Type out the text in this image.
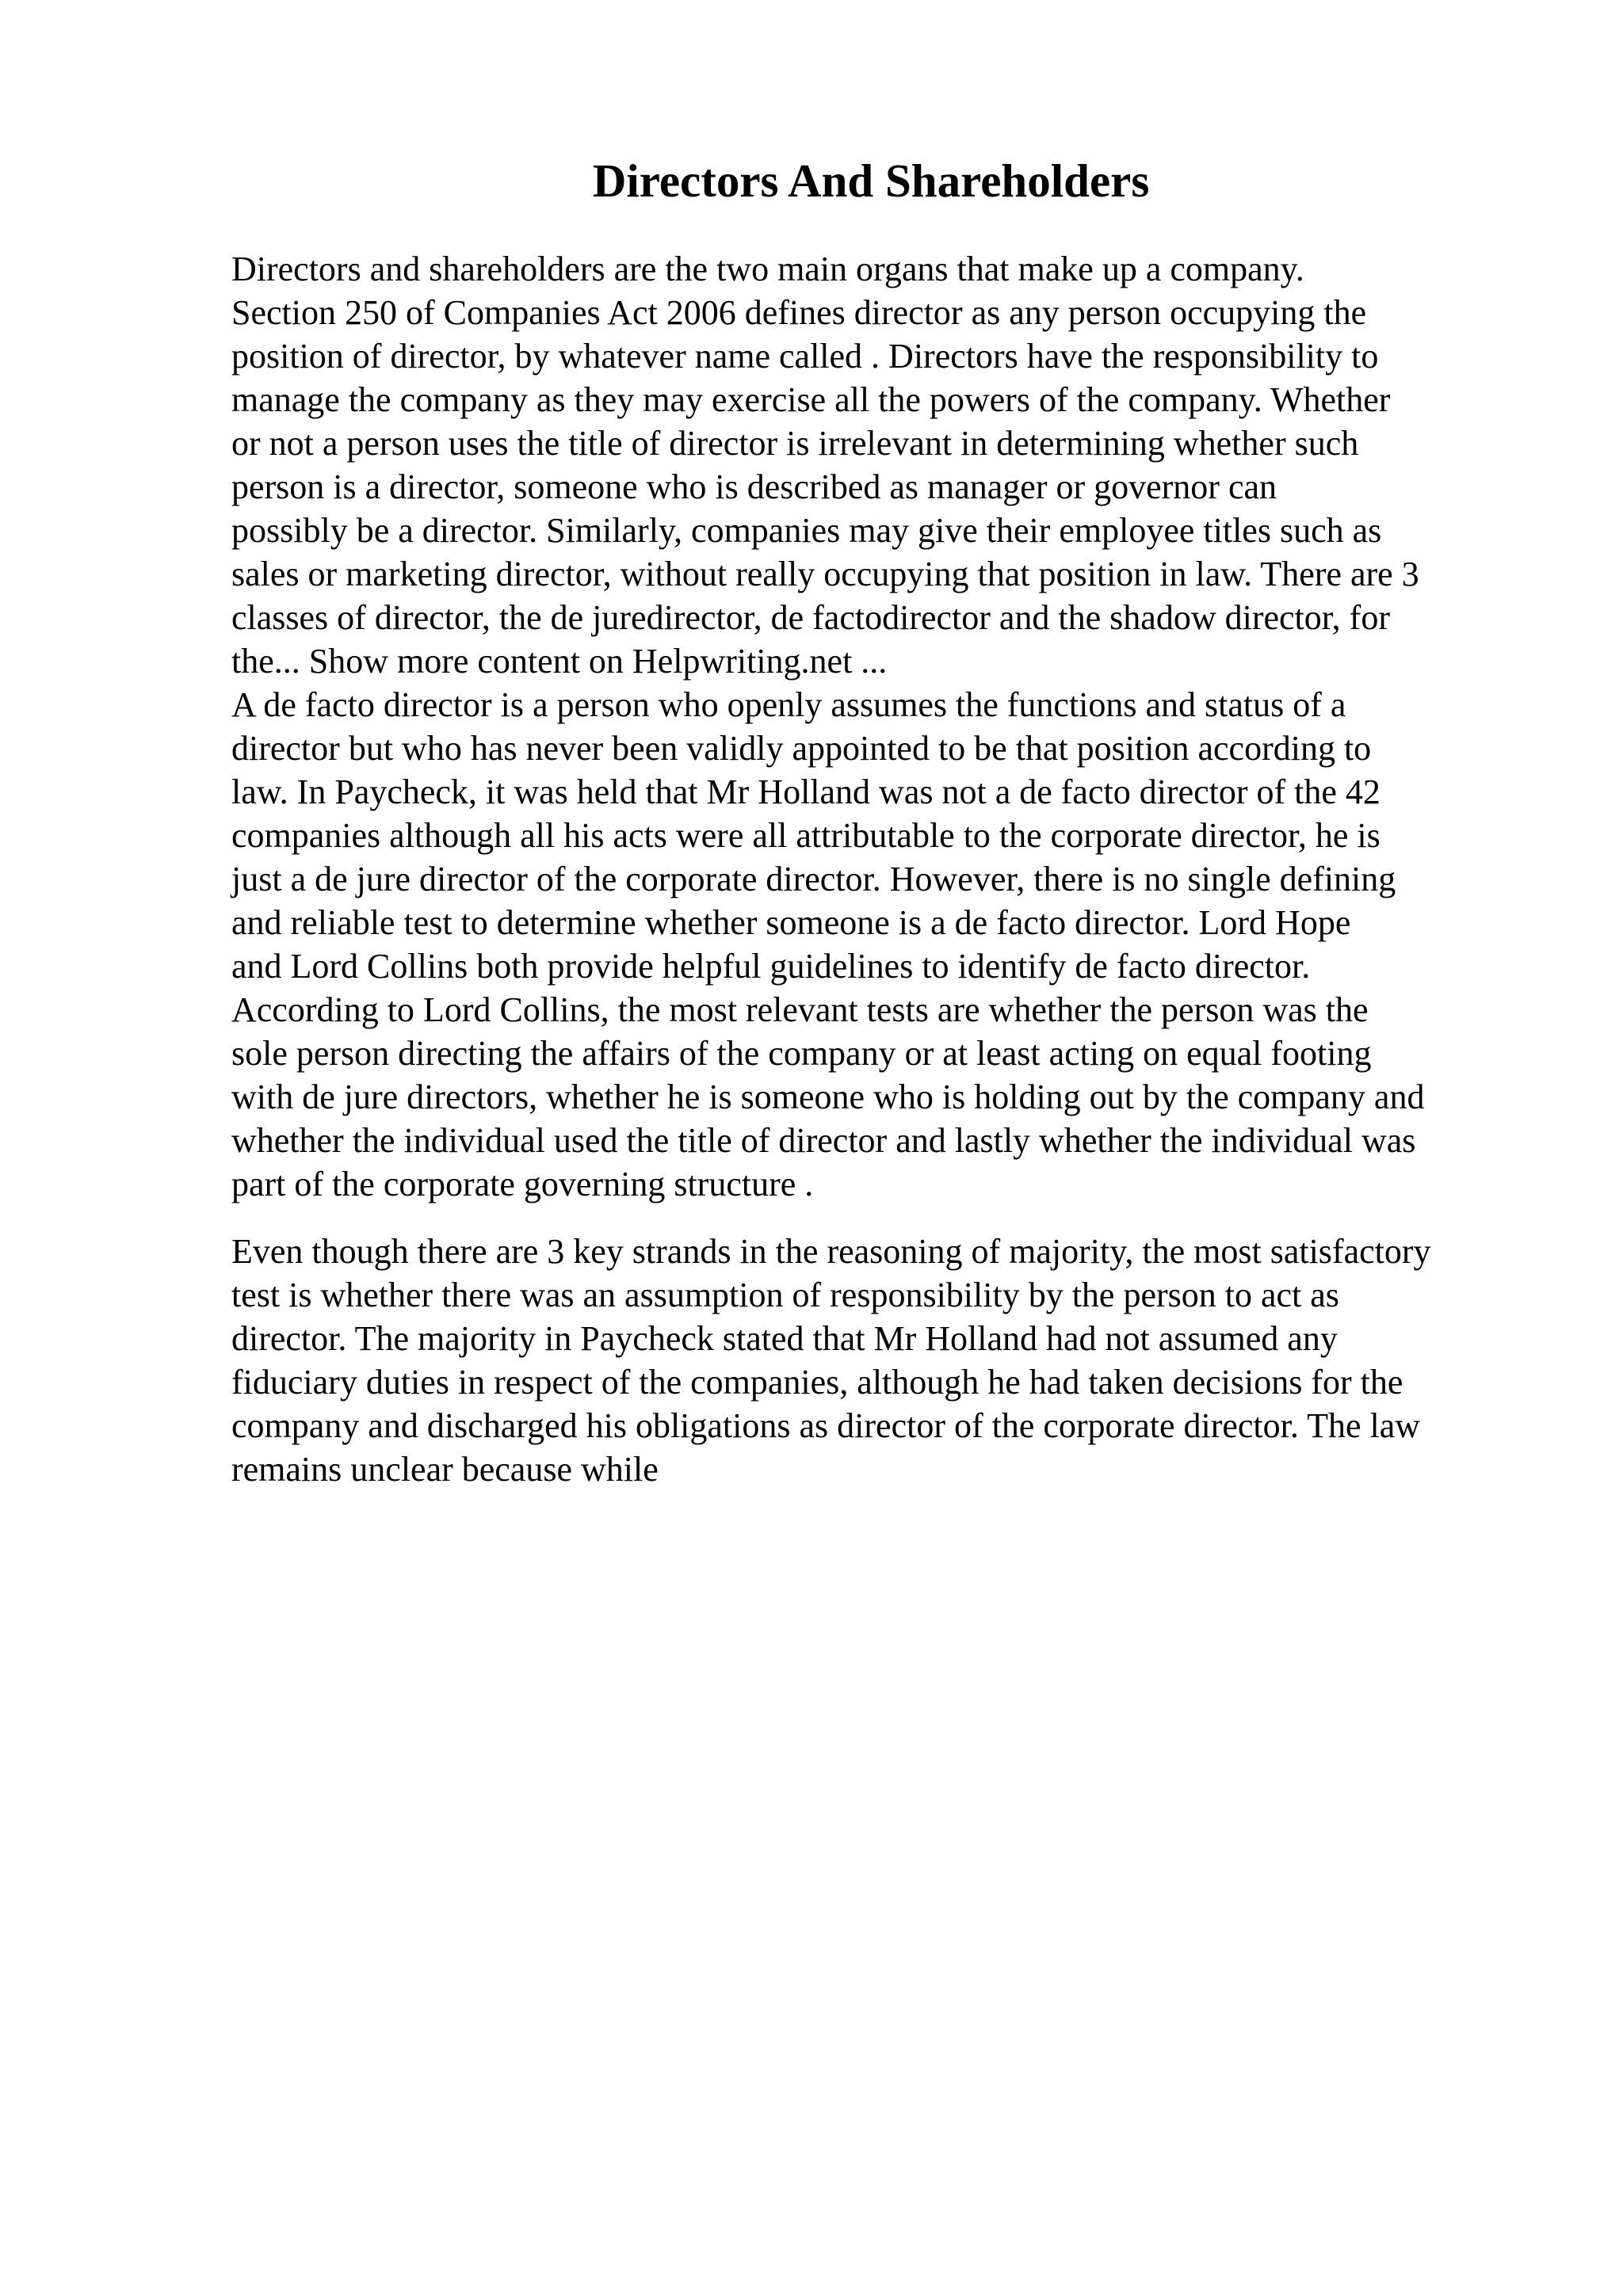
Directors And Shareholders
Directors and shareholders are the two main organs that make up a company.
Section 250 of Companies Act 2006 defines director as any person occupying the
position of director, by whatever name called . Directors have the responsibility to
manage the company as they may exercise all the powers of the company. Whether
or not a person uses the title of director is irrelevant in determining whether such
person is a director, someone who is described as manager or governor can
possibly be a director. Similarly, companies may give their employee titles such as
sales or marketing director, without really occupying that position in law. There are 3
classes of director, the de juredirector, de factodirector and the shadow director, for
the... Show more content on Helpwriting.net ...
A de facto director is a person who openly assumes the functions and status of a
director but who has never been validly appointed to be that position according to
law. In Paycheck, it was held that Mr Holland was not a de facto director of the 42
companies although all his acts were all attributable to the corporate director, he is
just a de jure director of the corporate director. However, there is no single defining
and reliable test to determine whether someone is a de facto director. Lord Hope
and Lord Collins both provide helpful guidelines to identify de facto director.
According to Lord Collins, the most relevant tests are whether the person was the
sole person directing the affairs of the company or at least acting on equal footing
with de jure directors, whether he is someone who is holding out by the company and
whether the individual used the title of director and lastly whether the individual was
part of the corporate governing structure .
Even though there are 3 key strands in the reasoning of majority, the most satisfactory
test is whether there was an assumption of responsibility by the person to act as
director. The majority in Paycheck stated that Mr Holland had not assumed any
fiduciary duties in respect of the companies, although he had taken decisions for the
company and discharged his obligations as director of the corporate director. The law
remains unclear because while
